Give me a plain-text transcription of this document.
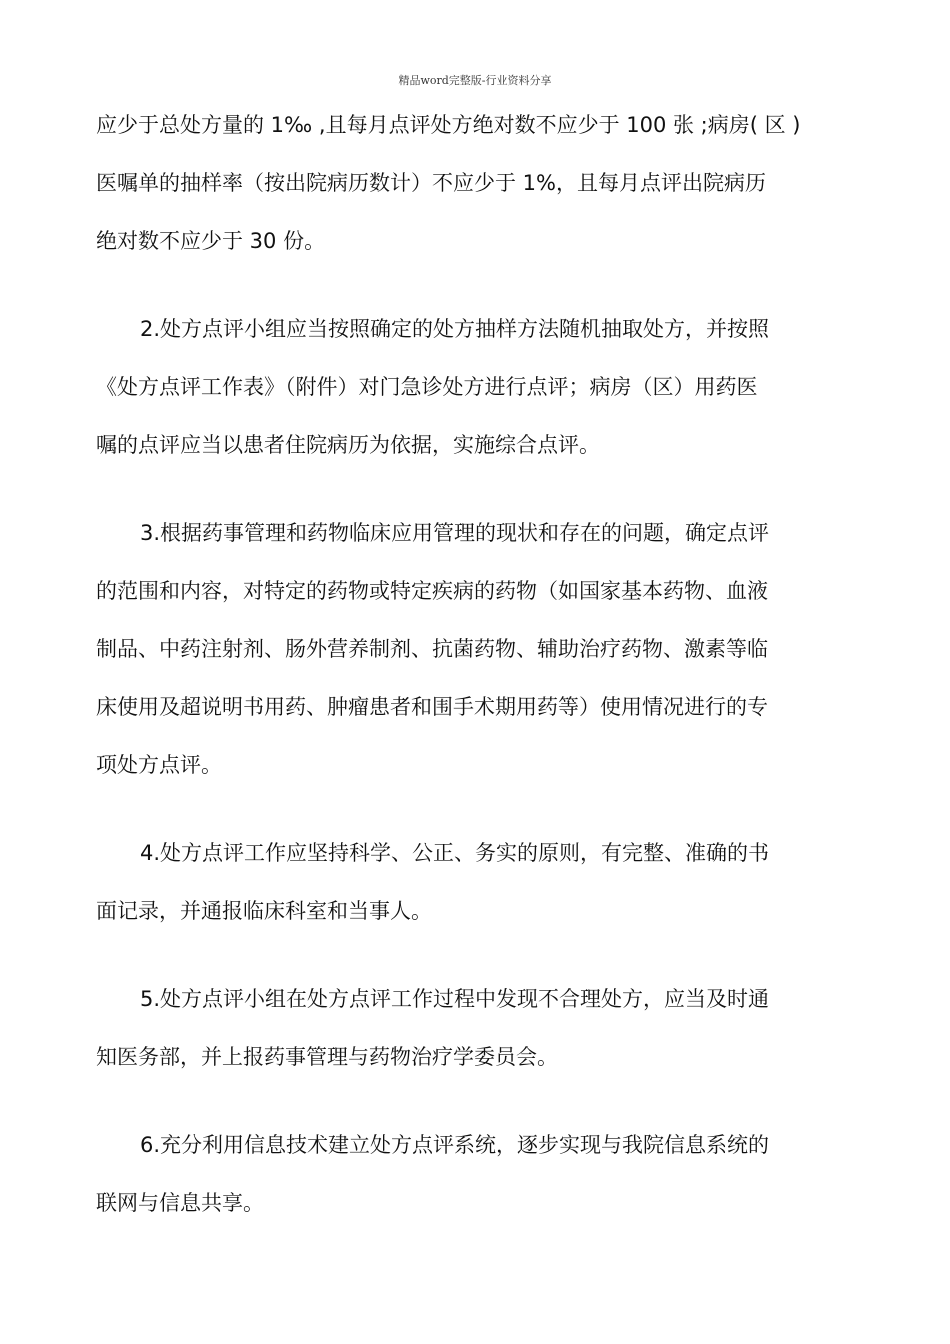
精品word完整版-行业资料分享
应少于总处方量的 1‰ ,且每月点评处方绝对数不应少于 100 张 ;病房( 区 )
医嘱单的抽样率（按出院病历数计）不应少于 1%，且每月点评出院病历
绝对数不应少于 30 份。
2.处方点评小组应当按照确定的处方抽样方法随机抽取处方，并按照
《处方点评工作表》（附件）对门急诊处方进行点评；病房（区）用药医
嘱的点评应当以患者住院病历为依据，实施综合点评。
3.根据药事管理和药物临床应用管理的现状和存在的问题，确定点评
的范围和内容，对特定的药物或特定疾病的药物（如国家基本药物、血液
制品、中药注射剂、肠外营养制剂、抗菌药物、辅助治疗药物、激素等临
床使用及超说明书用药、肿瘤患者和围手术期用药等）使用情况进行的专
项处方点评。
4.处方点评工作应坚持科学、公正、务实的原则，有完整、准确的书
面记录，并通报临床科室和当事人。
5.处方点评小组在处方点评工作过程中发现不合理处方，应当及时通
知医务部，并上报药事管理与药物治疗学委员会。
6.充分利用信息技术建立处方点评系统，逐步实现与我院信息系统的
联网与信息共享。
